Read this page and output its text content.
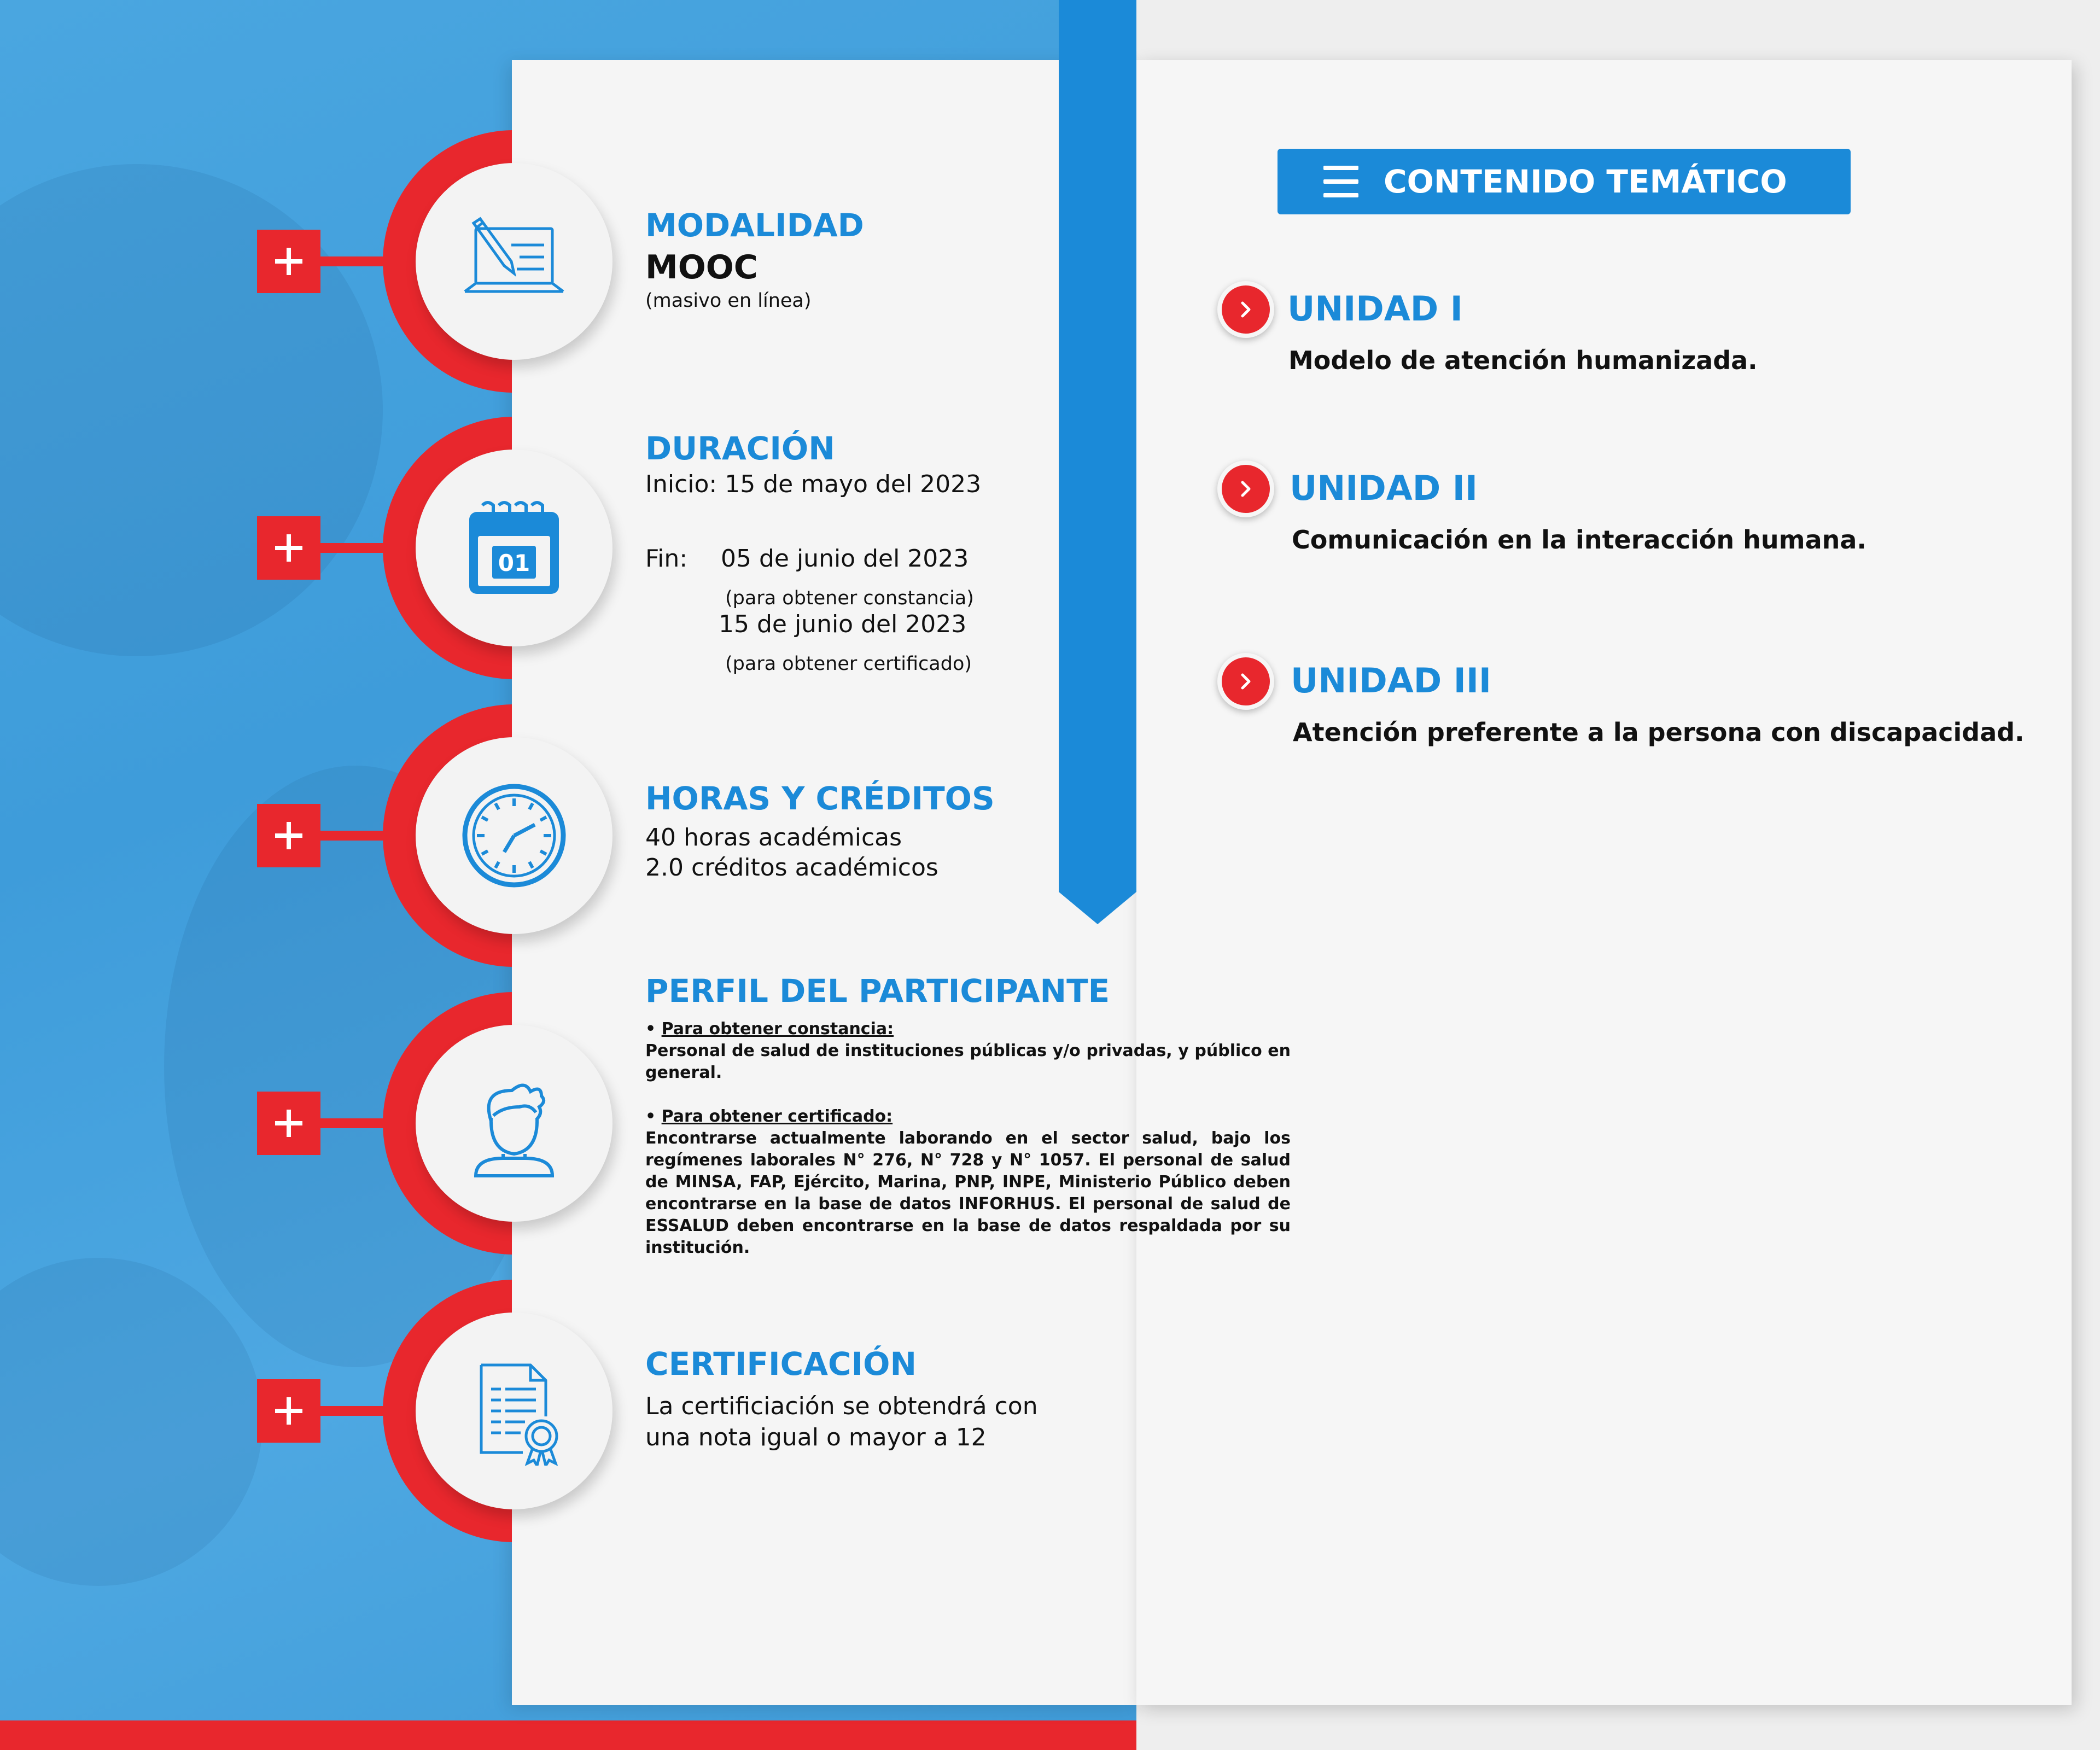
MODALIDAD
MOOC
(masivo en línea)
01
DURACIÓN
Inicio: 15 de mayo del 2023
Fin: 05 de junio del 2023
(para obtener constancia)
15 de junio del 2023
(para obtener certificado)
HORAS Y CRÉDITOS
40 horas académicas
2.0 créditos académicos
PERFIL DEL PARTICIPANTE
• Para obtener constancia:
Personal de salud de instituciones públicas y/o privadas, y público en general.
• Para obtener certificado:
Encontrarse actualmente laborando en el sector salud, bajo los regímenes laborales N° 276, N° 728 y N° 1057. El personal de salud de MINSA, FAP, Ejército, Marina, PNP, INPE, Ministerio Público deben encontrarse en la base de datos INFORHUS. El personal de salud de ESSALUD deben encontrarse en la base de datos respaldada por su institución.
CERTIFICACIÓN
La certificiación se obtendrá con
una nota igual o mayor a 12
CONTENIDO TEMÁTICO
UNIDAD I
Modelo de atención humanizada.
UNIDAD II
Comunicación en la interacción humana.
UNIDAD III
Atención preferente a la persona con discapacidad.
